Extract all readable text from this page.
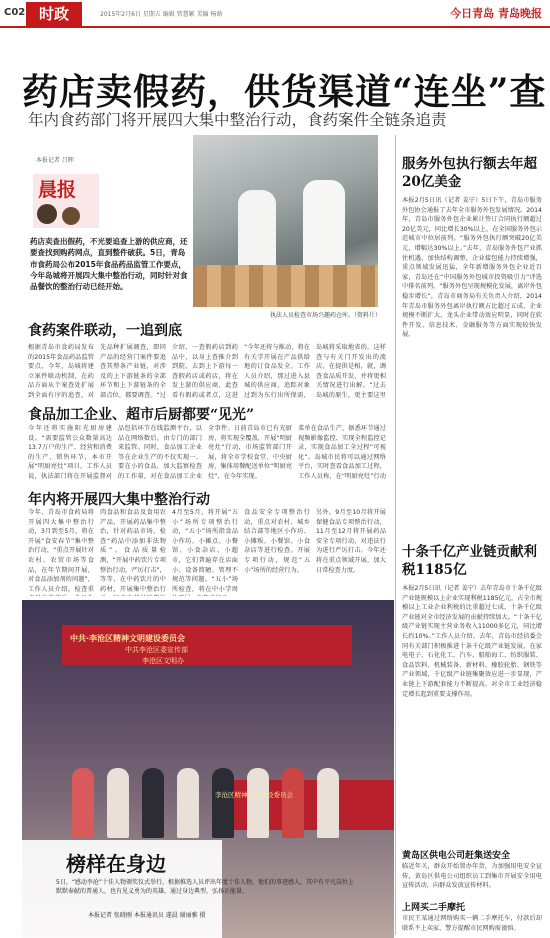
C02 时政	2015年2月6日 星期五 编辑 管慧颖 美编 杨晗	今日青岛 青岛晚报
药店卖假药，供货渠道“连坐”查
年内食药部门将开展四大集中整治行动，食药案件全链条追责
本报记者 吕晖
晨报
药店卖查出假药，不光要追查上游的供应商，还要查找到购药网点，直到整件破获。5日，青岛市食药局公布2015年食品药品监管工作要点，今年岛城将开展四大集中整治行动，同时针对食品餐饮的整治行动已经开始。
执法人员检查市场兴趣药仓库。（资料片）
食药案件联动，一追到底
根据青岛市食药局发布的2015年食品药品监管要点，今年，岛城将建立案件联动机制，在药品方面从个案查处扩展到全面有序的追查，对
先品种扩展调查，即同产品的经营门案件要追查其整条产业链，对涉及的上下游链条的全部环节和上下游链条的全部点位，都要调查。“过
介绍，一查假药店到药品中，以身上查推介到到院，去到上下游每一查假药店或药店，将在发上游的供应商，此查看有假药或者点，这进
“今年还将与推动，将在有关学开展在产品供给地的订食品发全。工作人员介绍，那过进入县城的供应商、追踪对象过到为东行出所保需，
岛城将采取地省的，这样查与有关门开发出的流店，在提供是相，就，调查食品质开发，并将更相关情况进行出解。“过去岛城的原生，更主要这里
食品加工企业、超市后厨都要“见光”
今年还将实施阳光厨房建设。“需要监管公众数量高达13.7万户的生产、经营和消费的生产、销售环节，本市开展“明厨亮灶”项目，工作人员说，执法部门将在开展监督对
品包括环节在线监测平台，以品在网络数后，由专门的部门来监管。同时，食品加工企业等在企业生产的不仅实现一、要在小的食品，加大监察检查的工作量，对在食品加工企业
全事件。日前青岛市已有光厨房，将实现全覆盖，开展“明厨亮灶”行动，市场监管部门开展，将全市学校食堂、中央厨房、集体用餐配送单位“明厨亮灶”，在今年实现。
菜单在食品生产，据悉环节通过视频影像监控、实现全程监控记录，实现食品加工全过程“可视化”。岛城市民将可以通过网络平台，实时查看食品加工过程，工作人员称，在“明厨亮灶”行动
年内将开展四大集中整治行动
今年，青岛市食药局将开展四大集中整治行动，3月到至5月，将在开展“食安春节”集中整治行动，“重点开展针对农村、农贸市场等食品，在年节期间开展，对食品添加剂的问题”，工作人员介绍，检查重
肉食品和食品及食用农产品，开展药品集中整治，针对药品市场，检查“药品中添加非法物质”，食品质量检测，“开展中药饮片专项整治行动，严厉打击”，等等，在中药饮片的中药材，开展集中整治行
4月至5月，将开展“五小”场所专项整治行动，“五小”场所指食品小作坊、小摊点、小餐馆、小食杂店、小超市，它们普遍存在店面小、设备简陋、管理不规范等问题。“五小”场所检查，将在中小学周
食品安全专项整治行动，重点对农村、城乡结合部等地区小作坊、小摊贩、小餐馆、小食杂店等进行检查。开展专项行动，规范“五小”场所的经营行为。
另外，9月至10月将开展保健食品专项整治行动，11月至12月将开展药品安全专项行动，对违法行为进行严厉打击。今年还将在重点领域开展，加大日常检查力度。
中共·李沧区精神文明建设委员会
中共李沧区委宣传部
李沧区文明办
李沧区精神文明建设委员会
榜样在身边
5日，“感动李沧”十佳人物颁奖仪式举行，根据推选人员评出年度十佳人物，他们的事迹感人，其中有平凡岗位上默默奉献的普通人，也有见义勇为的英雄，通过身边典型，弘扬正能量。
本报记者 张晓刚 本报通讯员 遂晨 谢丽雅 摄
服务外包执行额去年超20亿美金
本报2月5日讯（记者 姜宁）5日下午，青岛市服务外包协会通报了去年全市服务外包发展情况。2014年，青岛市服务外包企业累计签订合同执行额超过20亿美元，同比增长30%以上，在全国服务外包示范城市中位居前列。“服务外包执行额突破20亿美元，增幅达30%以上。”去年，青岛服务外包产业抓住机遇，加快结构调整，企业接包能力持续增强，重点领域发展迅猛，全年新增服务外包企业近百家，青岛还在“中国服务外包城市投资吸引力”评选中排名前列。“服务外包呈现规模化发展，离岸外包稳步增长”，青岛市商务局有关负责人介绍，2014年青岛市服务外包离岸执行额占比超过五成，企业规模不断扩大，龙头企业带动效应明显，同时在软件开发、信息技术、金融服务等方面实现较快发展。
十条千亿产业链贡献利税1185亿
本报2月5日讯（记者 姜宁）去年青岛市十条千亿级产业链规模以上企业实现利税1185亿元，占全市规模以上工业企业利税的比重超过七成，十条千亿级产业链对全市经济发展的贡献持续加大。“十条千亿级产业链实现主营业务收入11000多亿元，同比增长约10%。”工作人员介绍。去年，青岛市经信委会同有关部门积极推进十条千亿级产业链发展，在家电电子、石化化工、汽车、船舶海工、纺织服装、食品饮料、机械装备、新材料、橡胶轮胎、钢铁等产业领域，千亿级产业链集聚效应进一步显现，产业链上下游配套能力不断提高，对全市工业经济稳定增长起到重要支撑作用。
黄岛区供电公司赶集送安全
临近年关，群众开始置办年货，为加强用电安全宣传，黄岛区供电公司组织员工到集市开展安全用电宣传活动，向群众发放宣传材料。
上网买二手摩托
市民王某通过网络购买一辆二手摩托车，付款后却联系不上卖家，警方提醒市民网购需谨慎。
